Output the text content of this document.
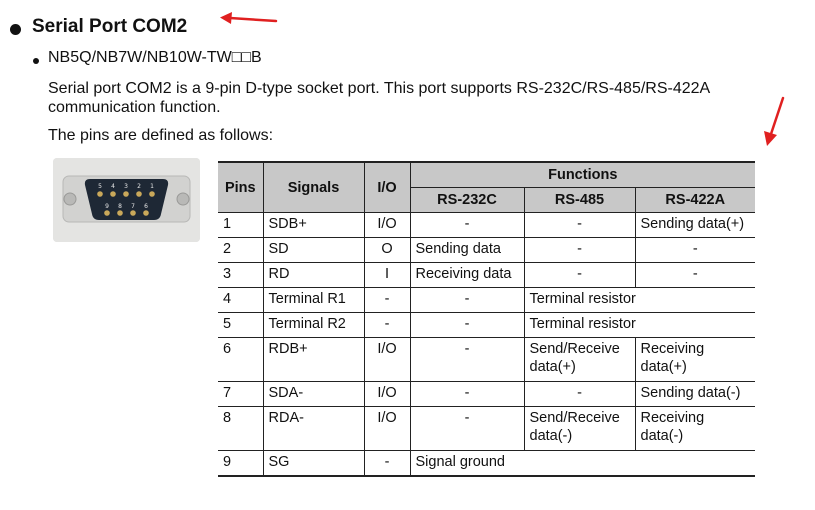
Serial Port COM2
NB5Q/NB7W/NB10W-TW□□B
Serial port COM2 is a 9-pin D-type socket port. This port supports RS-232C/RS-485/RS-422A communication function.
The pins are defined as follows:
5 4 3 2 1
9 8 7 6
Pins	Signals	I/O	Functions		
			RS-232C	RS-485	RS-422A
1	SDB+	I/O	-	-	Sending data(+)
2	SD	O	Sending data	-	-
3	RD	I	Receiving data	-	-
4	Terminal R1	-	-	Terminal resistor	
5	Terminal R2	-	-	Terminal resistor	
6	RDB+	I/O	-	Send/Receive data(+)	Receiving data(+)
7	SDA-	I/O	-	-	Sending data(-)
8	RDA-	I/O	-	Send/Receive data(-)	Receiving data(-)
9	SG	-	Signal ground		
